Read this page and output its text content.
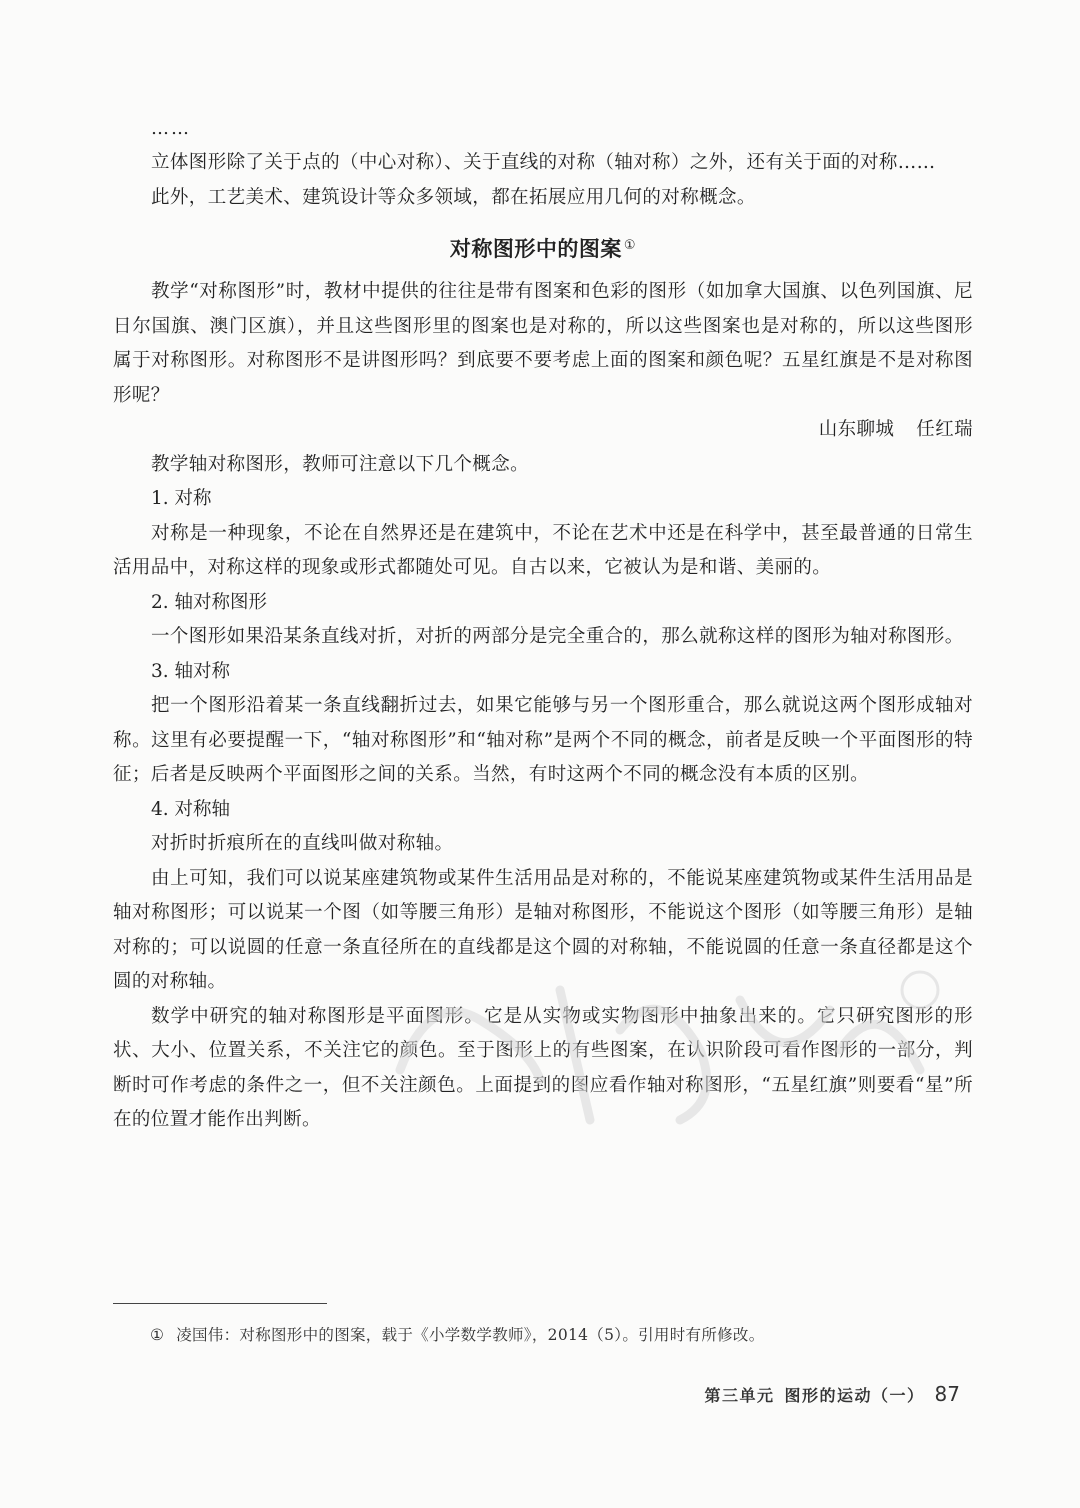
……

立体图形除了关于点的（中心对称）、关于直线的对称（轴对称）之外，还有关于面的对称……

此外，工艺美术、建筑设计等众多领域，都在拓展应用几何的对称概念。

对称图形中的图案 ①

教学“对称图形”时，教材中提供的往往是带有图案和色彩的图形（如加拿大国旗、以色列国旗、尼日尔国旗、澳门区旗），并且这些图形里的图案也是对称的，所以这些图案也是对称的，所以这些图形属于对称图形。对称图形不是讲图形吗？到底要不要考虑上面的图案和颜色呢？五星红旗是不是对称图形呢？

山东聊城 任红瑞

教学轴对称图形，教师可注意以下几个概念。

1. 对称

对称是一种现象，不论在自然界还是在建筑中，不论在艺术中还是在科学中，甚至最普通的日常生活用品中，对称这样的现象或形式都随处可见。自古以来，它被认为是和谐、美丽的。

2. 轴对称图形

一个图形如果沿某条直线对折，对折的两部分是完全重合的，那么就称这样的图形为轴对称图形。

3. 轴对称

把一个图形沿着某一条直线翻折过去，如果它能够与另一个图形重合，那么就说这两个图形成轴对称。这里有必要提醒一下，“轴对称图形”和“轴对称”是两个不同的概念，前者是反映一个平面图形的特征；后者是反映两个平面图形之间的关系。当然，有时这两个不同的概念没有本质的区别。

4. 对称轴

对折时折痕所在的直线叫做对称轴。

由上可知，我们可以说某座建筑物或某件生活用品是对称的，不能说某座建筑物或某件生活用品是轴对称图形；可以说某一个图（如等腰三角形）是轴对称图形，不能说这个图形（如等腰三角形）是轴对称的；可以说圆的任意一条直径所在的直线都是这个圆的对称轴，不能说圆的任意一条直径都是这个圆的对称轴。

数学中研究的轴对称图形是平面图形。它是从实物或实物图形中抽象出来的。它只研究图形的形状、大小、位置关系，不关注它的颜色。至于图形上的有些图案，在认识阶段可看作图形的一部分，判断时可作考虑的条件之一，但不关注颜色。上面提到的图应看作轴对称图形，“五星红旗”则要看“星”所在的位置才能作出判断。

① 凌国伟：对称图形中的图案，载于《小学数学教师》，2014（5）。引用时有所修改。
第三单元 图形的运动（一） 87
